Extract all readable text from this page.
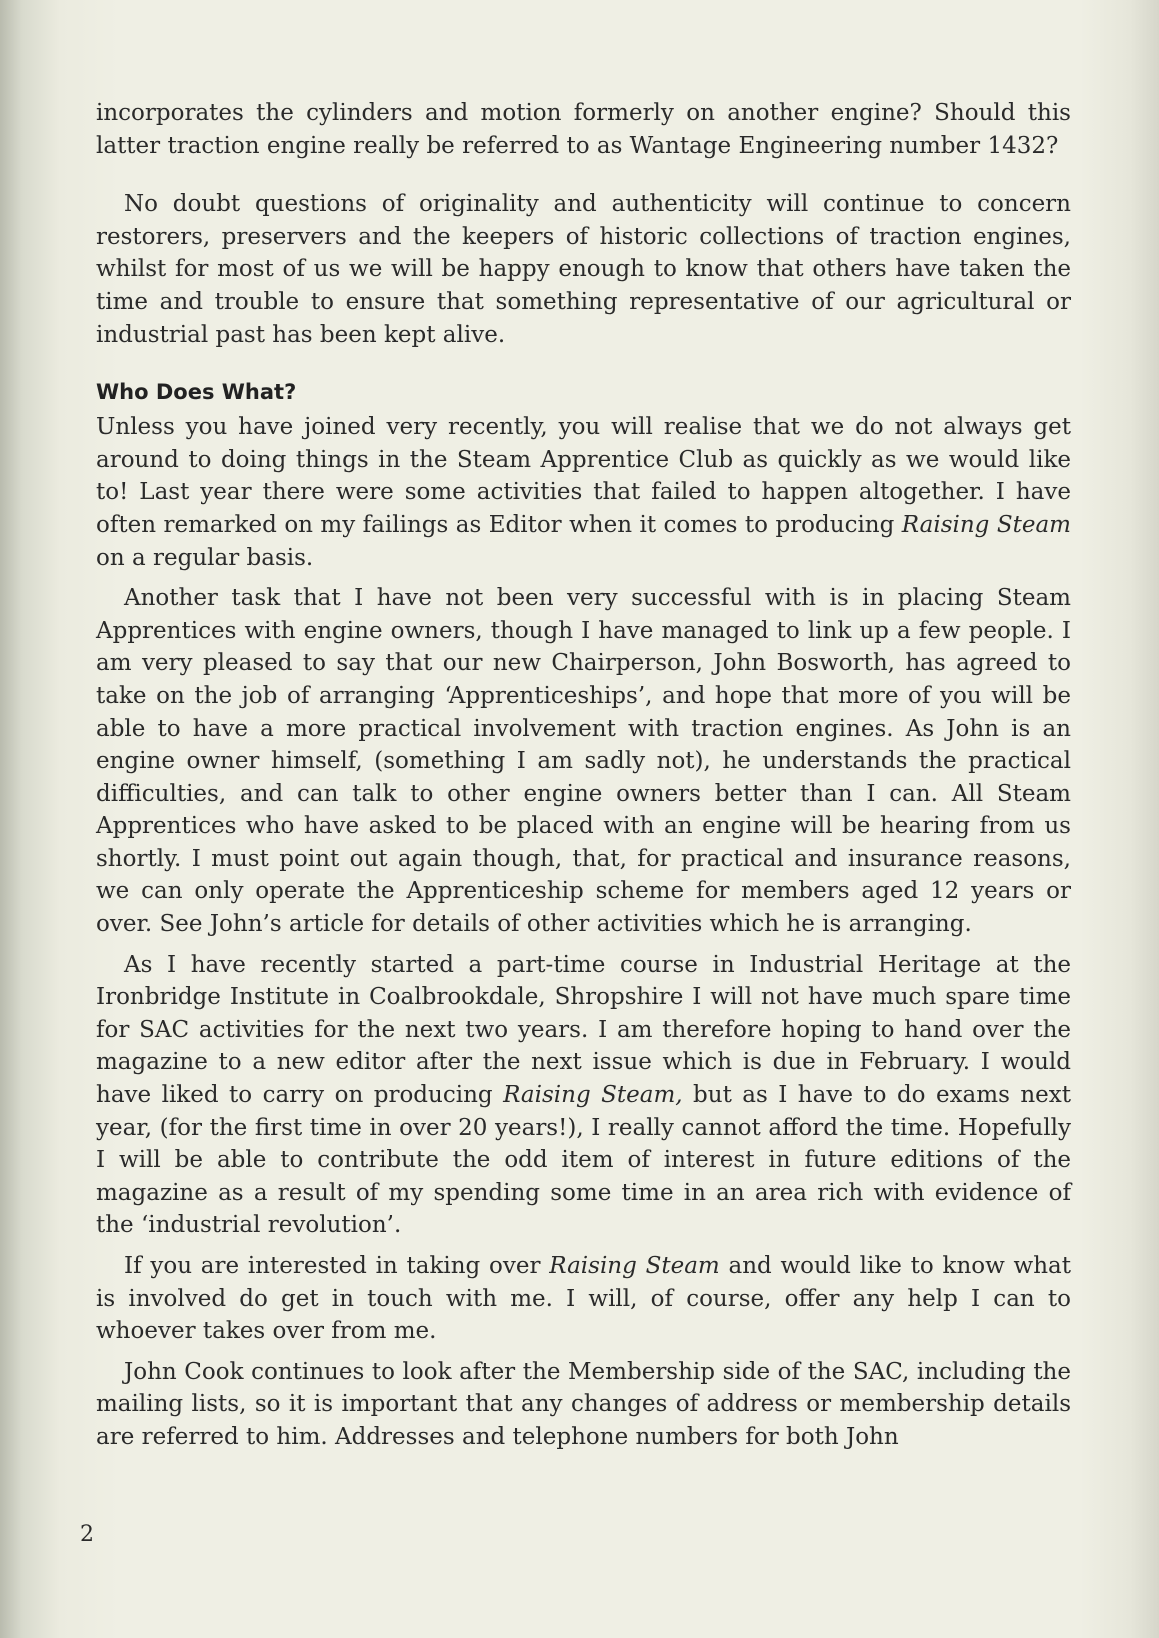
incorporates the cylinders and motion formerly on another engine? Should this latter traction engine really be referred to as Wantage Engineering number 1432?

No doubt questions of originality and authenticity will continue to concern restorers, preservers and the keepers of historic collections of traction engines, whilst for most of us we will be happy enough to know that others have taken the time and trouble to ensure that something representative of our agricultural or industrial past has been kept alive.

Who Does What?

Unless you have joined very recently, you will realise that we do not always get around to doing things in the Steam Apprentice Club as quickly as we would like to! Last year there were some activities that failed to happen altogether. I have often remarked on my failings as Editor when it comes to producing Raising Steam on a regular basis.

Another task that I have not been very successful with is in placing Steam Apprentices with engine owners, though I have managed to link up a few people. I am very pleased to say that our new Chairperson, John Bosworth, has agreed to take on the job of arranging ‘Apprenticeships’, and hope that more of you will be able to have a more practical involvement with traction engines. As John is an engine owner himself, (something I am sadly not), he understands the practical difficulties, and can talk to other engine owners better than I can. All Steam Apprentices who have asked to be placed with an engine will be hearing from us shortly. I must point out again though, that, for practical and insurance reasons, we can only operate the Apprenticeship scheme for members aged 12 years or over. See John’s article for details of other activities which he is arranging.

As I have recently started a part-time course in Industrial Heritage at the Ironbridge Institute in Coalbrookdale, Shropshire I will not have much spare time for SAC activities for the next two years. I am therefore hoping to hand over the magazine to a new editor after the next issue which is due in February. I would have liked to carry on producing Raising Steam, but as I have to do exams next year, (for the first time in over 20 years!), I really cannot afford the time. Hopefully I will be able to contribute the odd item of interest in future editions of the magazine as a result of my spending some time in an area rich with evidence of the ‘industrial revolution’.

If you are interested in taking over Raising Steam and would like to know what is involved do get in touch with me. I will, of course, offer any help I can to whoever takes over from me.

John Cook continues to look after the Membership side of the SAC, including the mailing lists, so it is important that any changes of address or membership details are referred to him. Addresses and telephone numbers for both John

2
